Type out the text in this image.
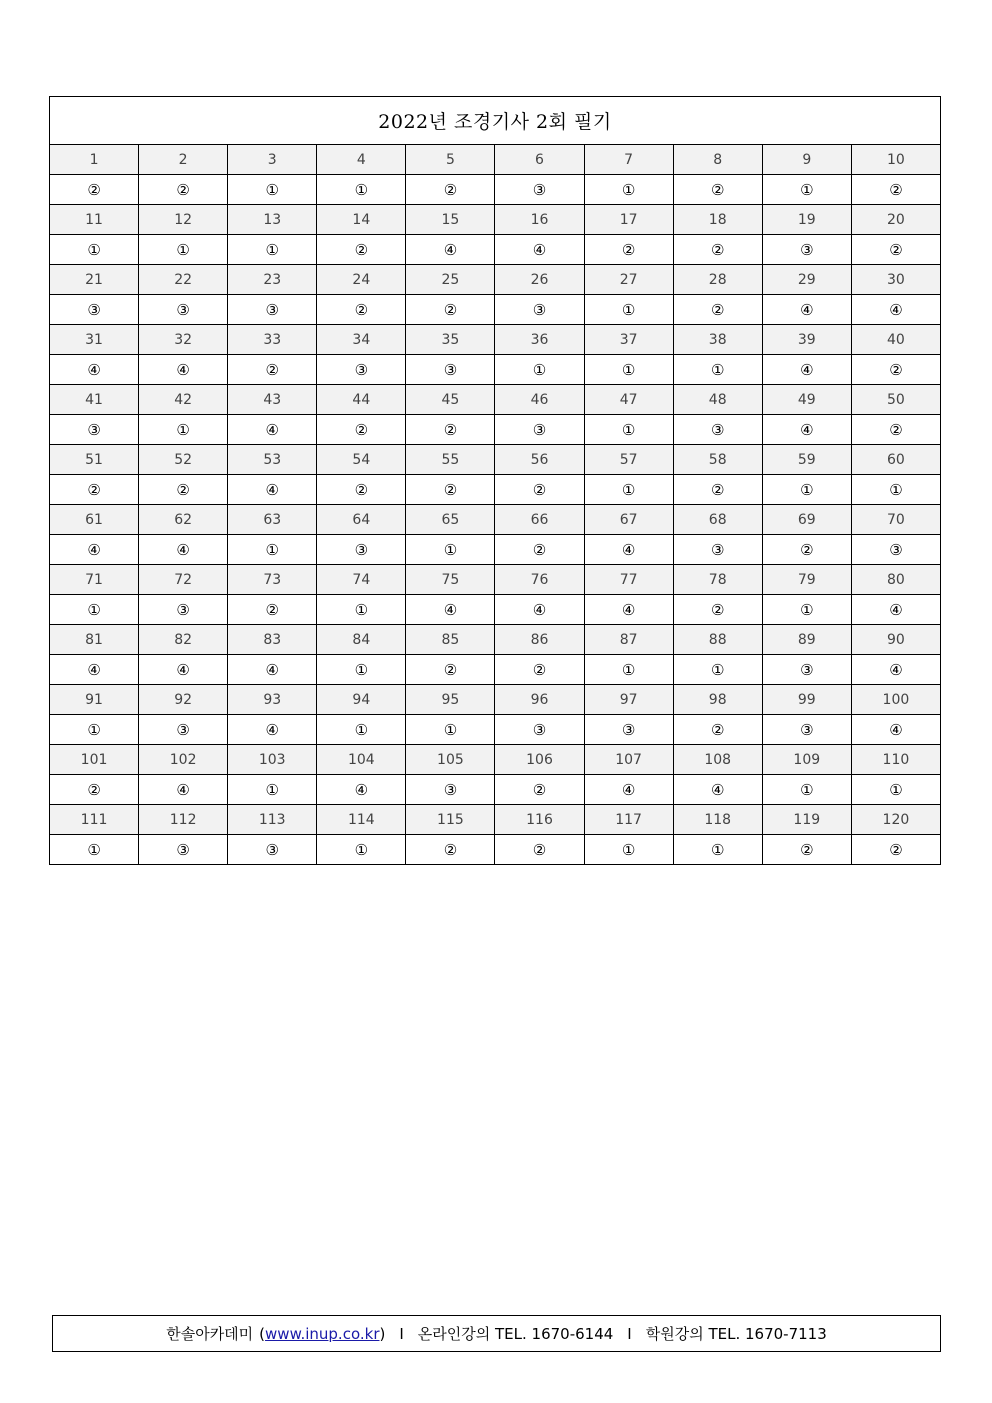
2022년 조경기사 2회 필기									
1	2	3	4	5	6	7	8	9	10
②	②	①	①	②	③	①	②	①	②
11	12	13	14	15	16	17	18	19	20
①	①	①	②	④	④	②	②	③	②
21	22	23	24	25	26	27	28	29	30
③	③	③	②	②	③	①	②	④	④
31	32	33	34	35	36	37	38	39	40
④	④	②	③	③	①	①	①	④	②
41	42	43	44	45	46	47	48	49	50
③	①	④	②	②	③	①	③	④	②
51	52	53	54	55	56	57	58	59	60
②	②	④	②	②	②	①	②	①	①
61	62	63	64	65	66	67	68	69	70
④	④	①	③	①	②	④	③	②	③
71	72	73	74	75	76	77	78	79	80
①	③	②	①	④	④	④	②	①	④
81	82	83	84	85	86	87	88	89	90
④	④	④	①	②	②	①	①	③	④
91	92	93	94	95	96	97	98	99	100
①	③	④	①	①	③	③	②	③	④
101	102	103	104	105	106	107	108	109	110
②	④	①	④	③	②	④	④	①	①
111	112	113	114	115	116	117	118	119	120
①	③	③	①	②	②	①	①	②	②
한솔아카데미 ( www.inup.co.kr ) I 온라인강의 TEL. 1670-6144 I 학원강의 TEL. 1670-7113
